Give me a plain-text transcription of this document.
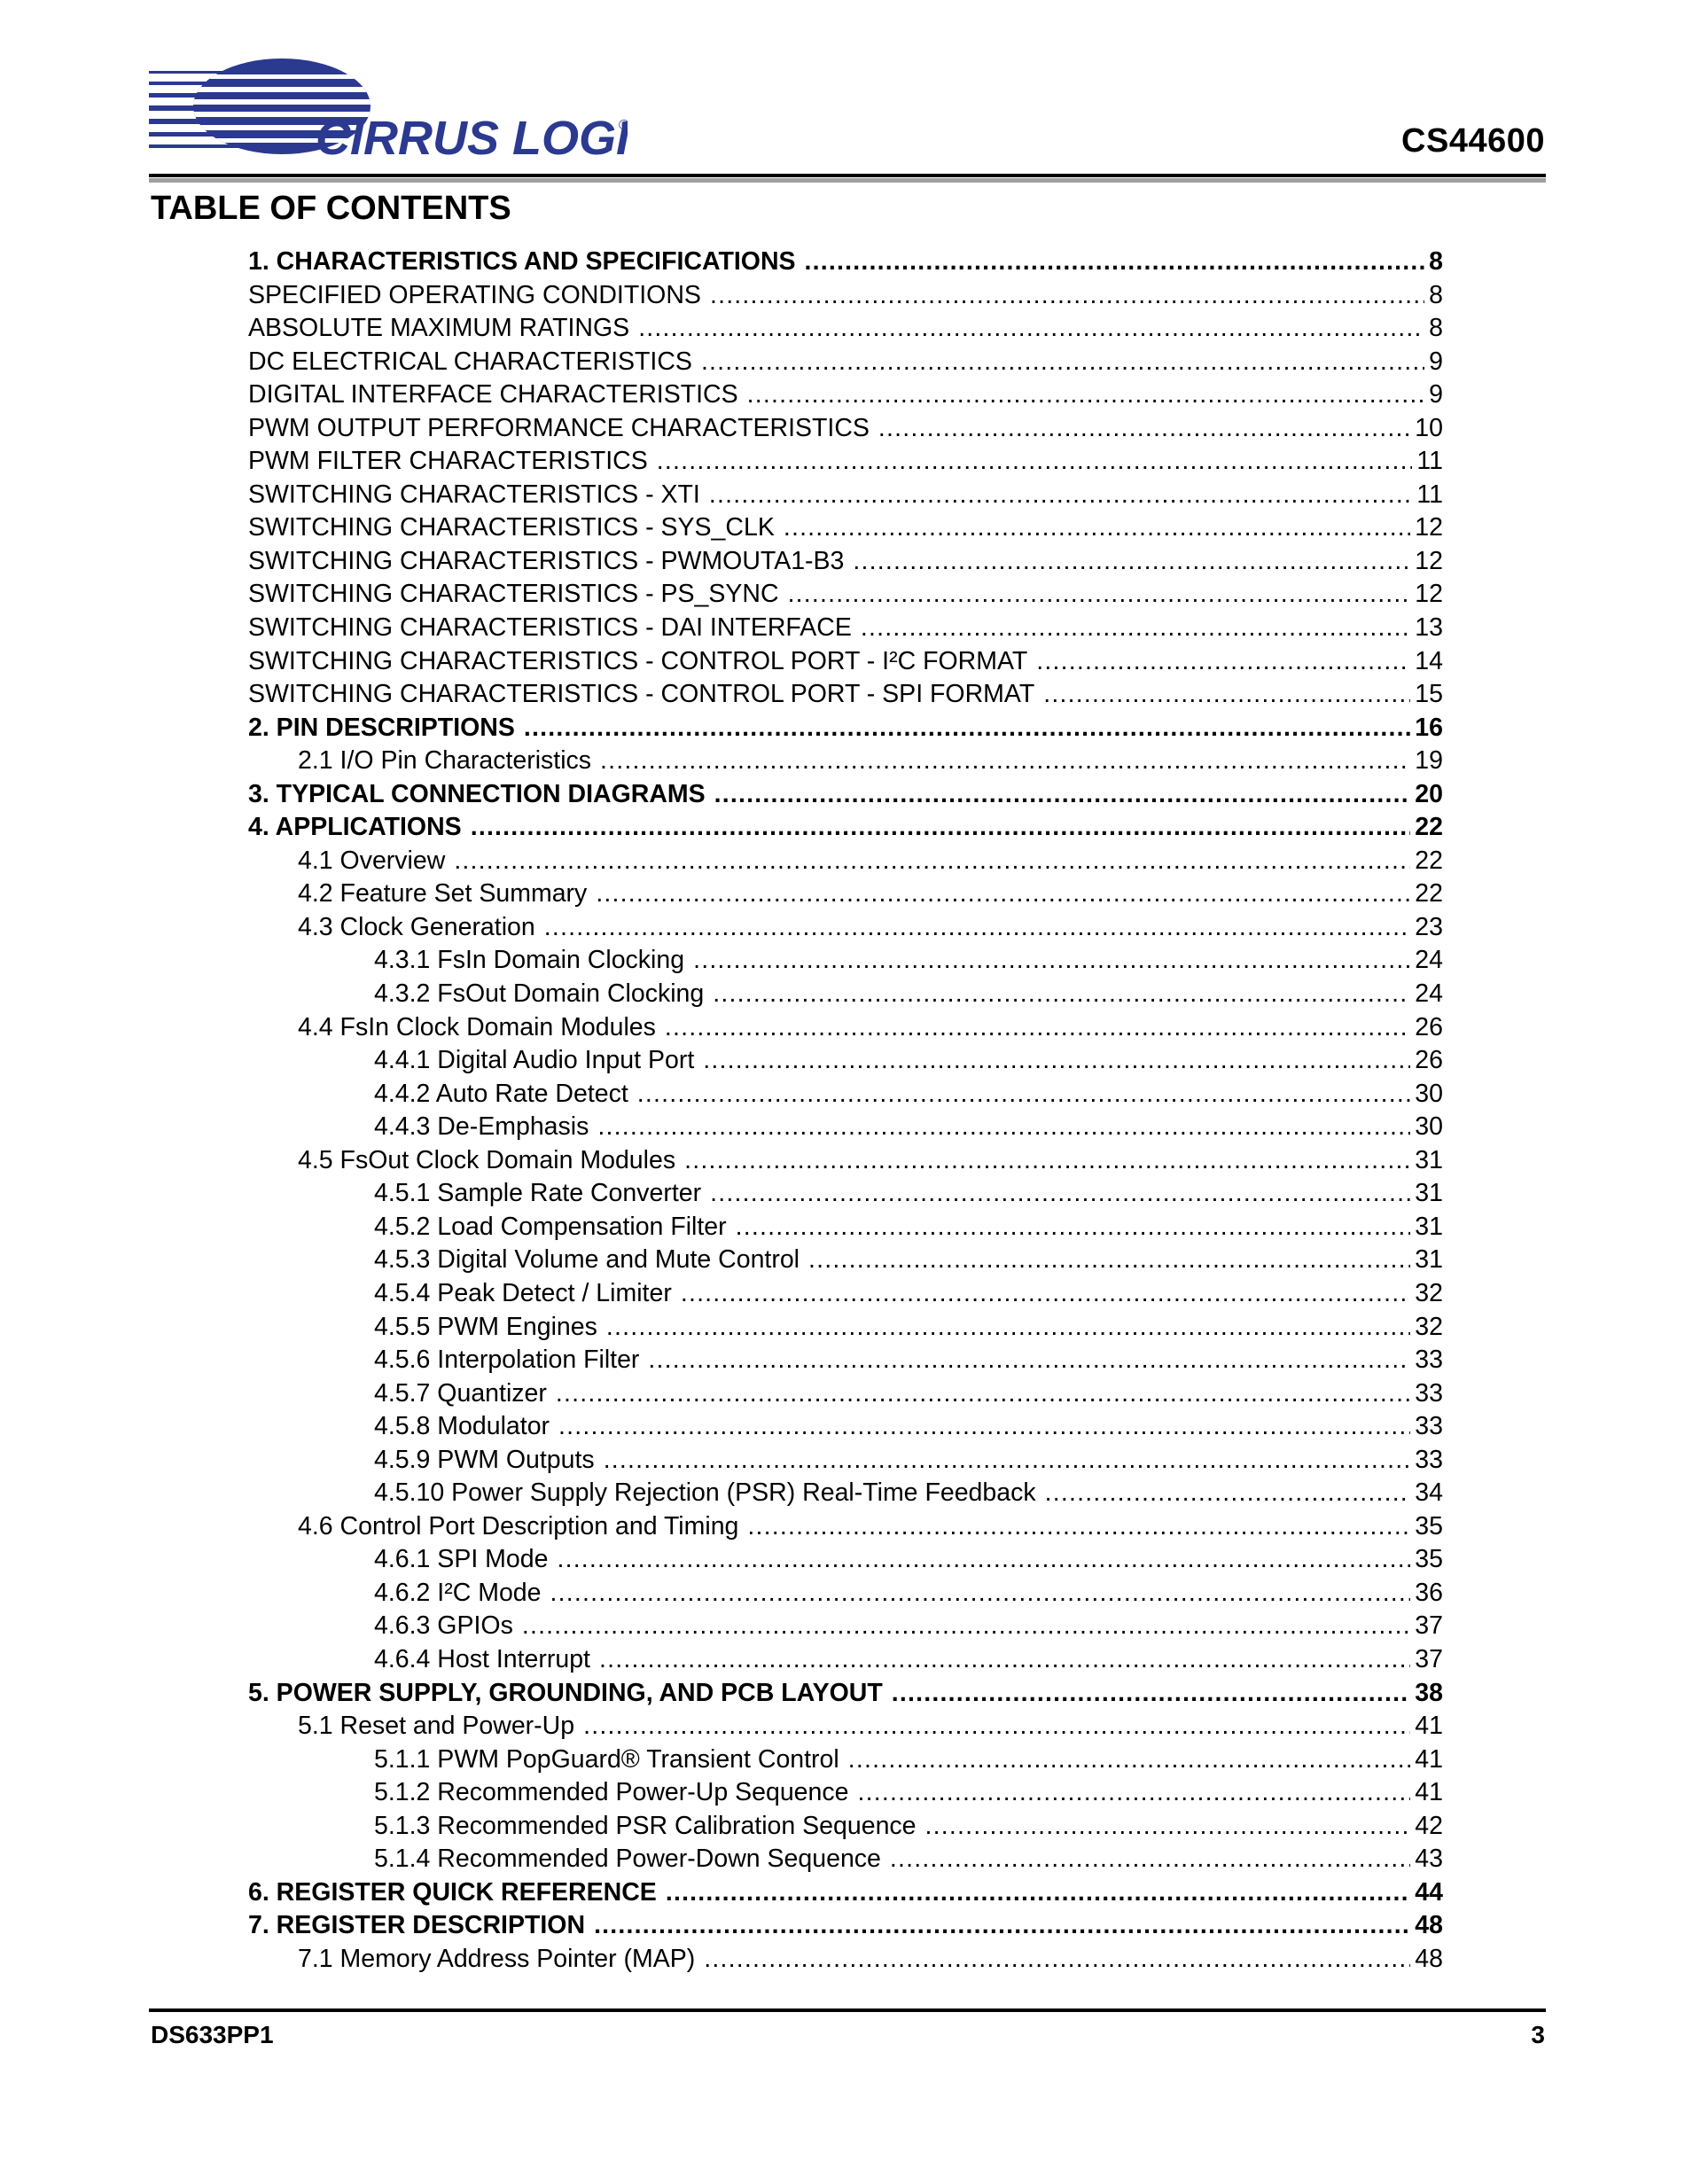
CIRRUS LOG ®	CS44600
TABLE OF CONTENTS
1. CHARACTERISTICS AND SPECIFICATIONS .....	8
SPECIFIED OPERATING CONDITIONS .....	8
ABSOLUTE MAXIMUM RATINGS .....	8
DC ELECTRICAL CHARACTERISTICS .....	9
DIGITAL INTERFACE CHARACTERISTICS .....	9
PWM OUTPUT PERFORMANCE CHARACTERISTICS .....	10
PWM FILTER CHARACTERISTICS .....	11
SWITCHING CHARACTERISTICS - XTI .....	11
SWITCHING CHARACTERISTICS - SYS_CLK .....	12
SWITCHING CHARACTERISTICS - PWMOUTA1-B3 .....	12
SWITCHING CHARACTERISTICS - PS_SYNC .....	12
SWITCHING CHARACTERISTICS - DAI INTERFACE .....	13
SWITCHING CHARACTERISTICS - CONTROL PORT - I²C FORMAT .....	14
SWITCHING CHARACTERISTICS - CONTROL PORT - SPI FORMAT .....	15
2. PIN DESCRIPTIONS .....	16
2.1 I/O Pin Characteristics .....	19
3. TYPICAL CONNECTION DIAGRAMS .....	20
4. APPLICATIONS .....	22
4.1 Overview .....	22
4.2 Feature Set Summary .....	22
4.3 Clock Generation .....	23
4.3.1 FsIn Domain Clocking .....	24
4.3.2 FsOut Domain Clocking .....	24
4.4 FsIn Clock Domain Modules .....	26
4.4.1 Digital Audio Input Port .....	26
4.4.2 Auto Rate Detect .....	30
4.4.3 De-Emphasis .....	30
4.5 FsOut Clock Domain Modules .....	31
4.5.1 Sample Rate Converter .....	31
4.5.2 Load Compensation Filter .....	31
4.5.3 Digital Volume and Mute Control .....	31
4.5.4 Peak Detect / Limiter .....	32
4.5.5 PWM Engines .....	32
4.5.6 Interpolation Filter .....	33
4.5.7 Quantizer .....	33
4.5.8 Modulator .....	33
4.5.9 PWM Outputs .....	33
4.5.10 Power Supply Rejection (PSR) Real-Time Feedback .....	34
4.6 Control Port Description and Timing .....	35
4.6.1 SPI Mode .....	35
4.6.2 I²C Mode .....	36
4.6.3 GPIOs .....	37
4.6.4 Host Interrupt .....	37
5. POWER SUPPLY, GROUNDING, AND PCB LAYOUT .....	38
5.1 Reset and Power-Up .....	41
5.1.1 PWM PopGuard® Transient Control .....	41
5.1.2 Recommended Power-Up Sequence .....	41
5.1.3 Recommended PSR Calibration Sequence .....	42
5.1.4 Recommended Power-Down Sequence .....	43
6. REGISTER QUICK REFERENCE .....	44
7. REGISTER DESCRIPTION .....	48
7.1 Memory Address Pointer (MAP) .....	48
DS633PP1	3
